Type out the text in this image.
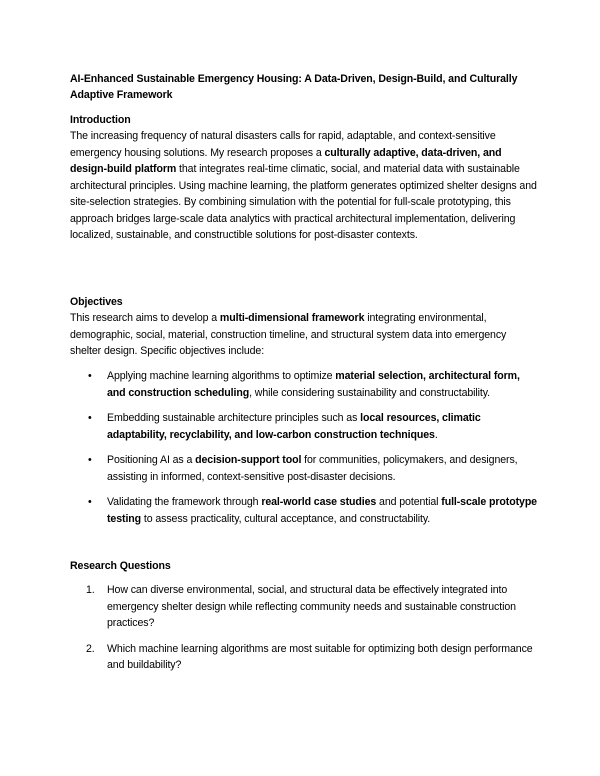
AI-Enhanced Sustainable Emergency Housing: A Data-Driven, Design-Build, and Culturally Adaptive Framework

Introduction

The increasing frequency of natural disasters calls for rapid, adaptable, and context-sensitive emergency housing solutions. My research proposes a culturally adaptive, data-driven, and design-build platform that integrates real-time climatic, social, and material data with sustainable architectural principles. Using machine learning, the platform generates optimized shelter designs and site-selection strategies. By combining simulation with the potential for full-scale prototyping, this approach bridges large-scale data analytics with practical architectural implementation, delivering localized, sustainable, and constructible solutions for post-disaster contexts.

Objectives

This research aims to develop a multi-dimensional framework integrating environmental, demographic, social, material, construction timeline, and structural system data into emergency shelter design. Specific objectives include:

• Applying machine learning algorithms to optimize material selection, architectural form, and construction scheduling, while considering sustainability and constructability.
• Embedding sustainable architecture principles such as local resources, climatic adaptability, recyclability, and low-carbon construction techniques.
• Positioning AI as a decision-support tool for communities, policymakers, and designers, assisting in informed, context-sensitive post-disaster decisions.
• Validating the framework through real-world case studies and potential full-scale prototype testing to assess practicality, cultural acceptance, and constructability.

Research Questions

1. How can diverse environmental, social, and structural data be effectively integrated into emergency shelter design while reflecting community needs and sustainable construction practices?
2. Which machine learning algorithms are most suitable for optimizing both design performance and buildability?
